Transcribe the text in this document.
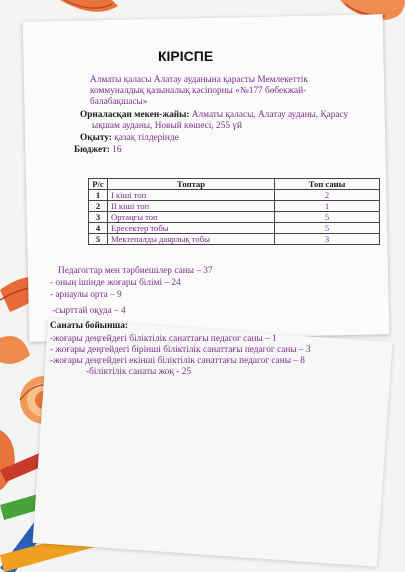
КІРІСПЕ
Алматы қаласы Алатау ауданына қарасты Мемлекеттік
коммуналдық қазыналық кәсіпорны «№177 бөбекжай-
балабақшасы»
Орналасқан мекен-жайы: Алматы қаласы, Алатау ауданы, Қарасу
ықшам ауданы, Новый көшесі, 255 үй
Оқыту: қазақ тілдерінде
Бюджет: 16
Р/с	Топтар	Топ саны
1	І кіші топ	2
2	ІІ кіші топ	1
3	Ортаңғы топ	5
4	Ересектер тобы	5
5	Мектепалды даярлық тобы	3
Педагогтар мен тәрбиешілер саны – 37
- оның ішінде жоғары білімі – 24
- арнаулы орта – 9
-сырттай оқуда – 4
Санаты бойынша:
-жоғары деңгейдегі біліктілік санаттағы педагог саны – 1
- жоғары деңгейдегі бірінші біліктілік санаттағы педагог саны – 3
-жоғары деңгейдегі екінші біліктілік санаттағы педагог саны – 8
-біліктілік санаты жоқ - 25
